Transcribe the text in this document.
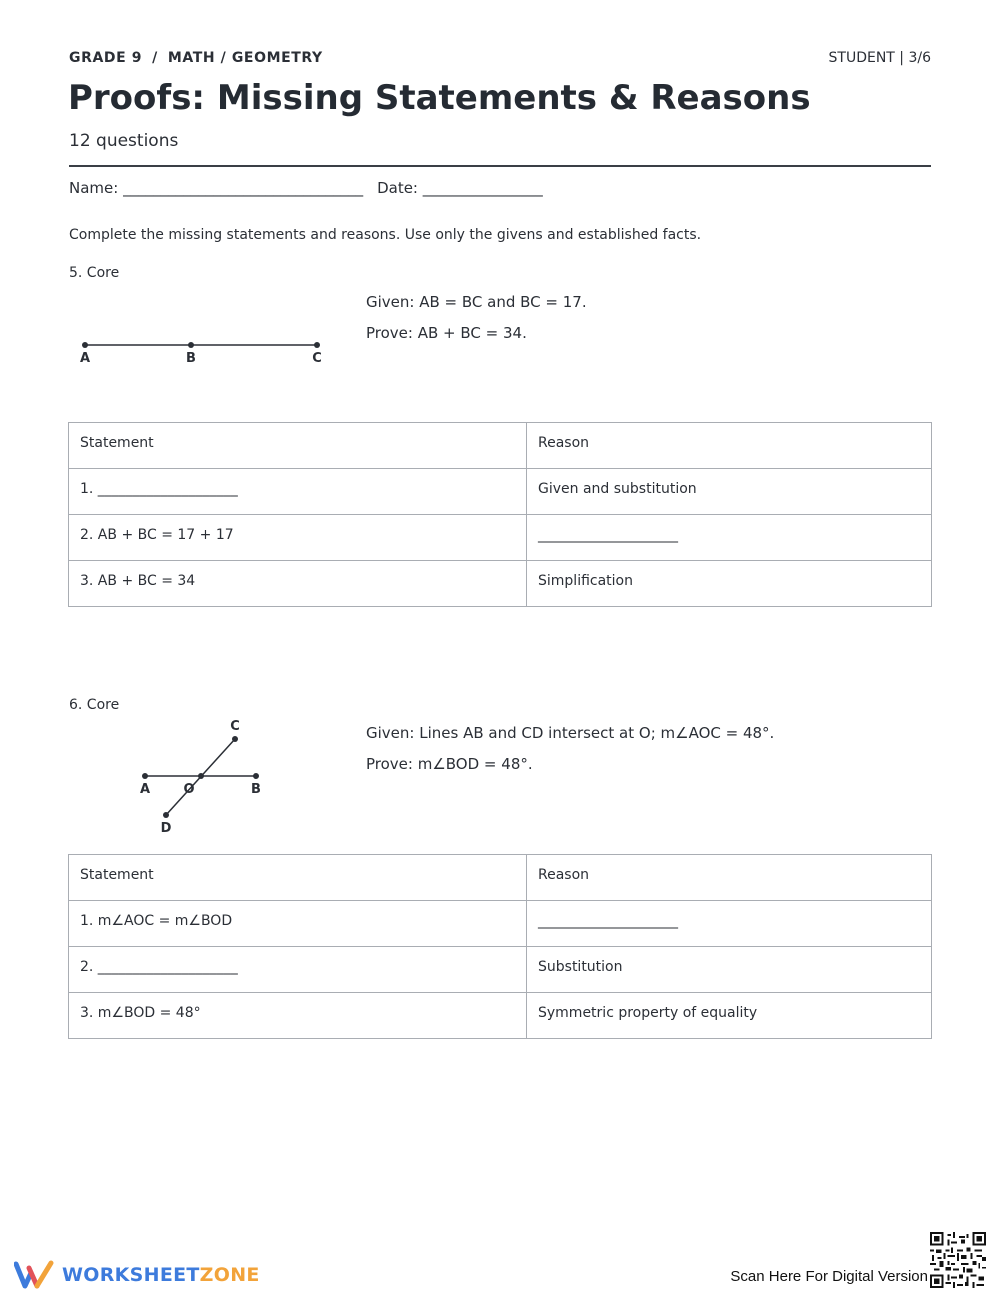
GRADE 9 / MATH / GEOMETRY	STUDENT | 3/6
Proofs: Missing Statements & Reasons
12 questions
Name: ________________________________ Date: ________________
Complete the missing statements and reasons. Use only the givens and established facts.
5. Core
A	B	C
Given: AB = BC and BC = 17.
Prove: AB + BC = 34.
Statement	Reason

1. ____________________	Given and substitution

2. AB + BC = 17 + 17	____________________

3. AB + BC = 34	Simplification
6. Core
A	O	B
C
D
Given: Lines AB and CD intersect at O; m∠AOC = 48°.
Prove: m∠BOD = 48°.
Statement	Reason

1. m∠AOC = m∠BOD	____________________

2. ____________________	Substitution

3. m∠BOD = 48°	Symmetric property of equality
WORKSHEETZONE	Scan Here For Digital Version
